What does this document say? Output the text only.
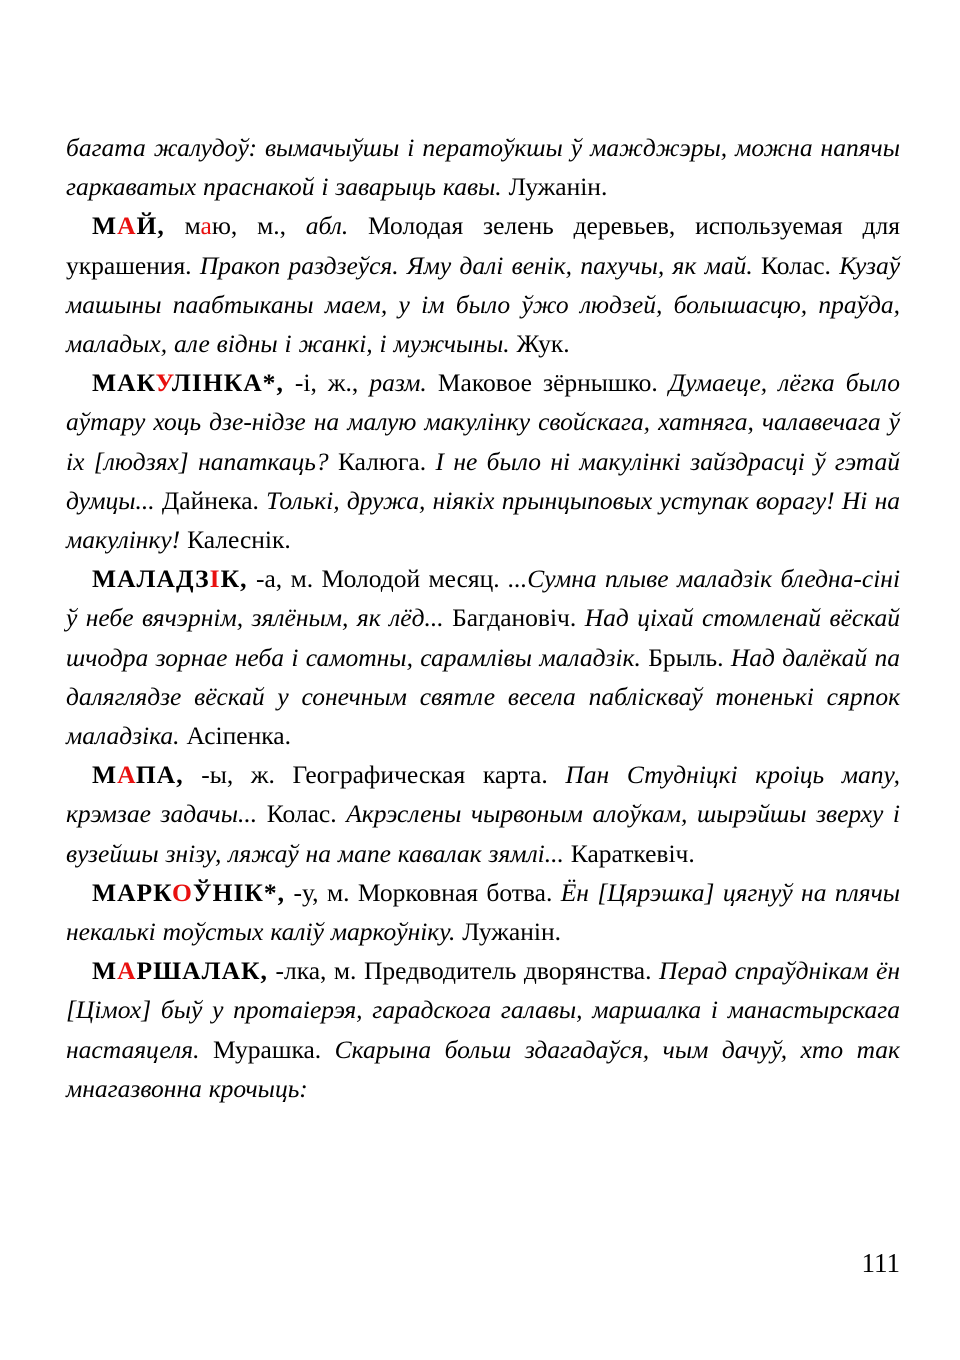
багата жалудоў: вымачыўшы і ператоўкшы ў мажджэры, можна напячы гаркаватых праснакой і заварыць кавы. Лужанін.

МАЙ, маю, м., абл. Молодая зелень деревьев, используемая для украшения. Пракоп раздзеўся. Яму далі венік, пахучы, як май. Колас. Кузаў машыны паабтыканы маем, у ім было ўжо людзей, болышасцю, праўда, маладых, але відны і жанкі, і мужчыны. Жук.

МАКУЛІНКА*, -і, ж., разм. Маковое зёрнышко. Думаеце, лёгка было аўтару хоць дзе-нідзе на малую макулінку свойскага, хатняга, чалавечага ў іх [людзях] напаткаць? Калюга. І не было ні макулінкі зайздрасці ў гэтай думцы... Дайнека. Толькі, дружа, ніякіх прынцыповых уступак ворагу! Ні на макулінку! Калеснік.

МАЛАДЗІК, -а, м. Молодой месяц. ...Сумна плыве маладзік бледна-сіні ў небе вячэрнім, зялёным, як лёд... Багдановіч. Над ціхай стомленай вёскай шчодра зорнае неба і самотны, сарамлівы маладзік. Брыль. Над далёкай па даляглядзе вёскай у сонечным святле весела пабліскваў тоненькі сярпок маладзіка. Асіпенка.

МАПА, -ы, ж. Географическая карта. Пан Студніцкі кроіць мапу, крэмзае задачы... Колас. Акрэслены чырвоным алоўкам, шырэйшы зверху і вузейшы знізу, ляжаў на мапе кавалак зямлі... Караткевіч.

МАРКОЎНІК*, -у, м. Морковная ботва. Ён [Цярэшка] цягнуў на плячы некалькі тоўстых каліў маркоўніку. Лужанін.

МАРШАЛАК, -лка, м. Предводитель дворянства. Перад спраўднікам ён [Цімох] быў у протаіерэя, гарадскога галавы, маршалка і манастырскага настаяцеля. Мурашка. Скарына больш здагадаўся, чым дачуў, хто так мнагазвонна крочыць:

111
